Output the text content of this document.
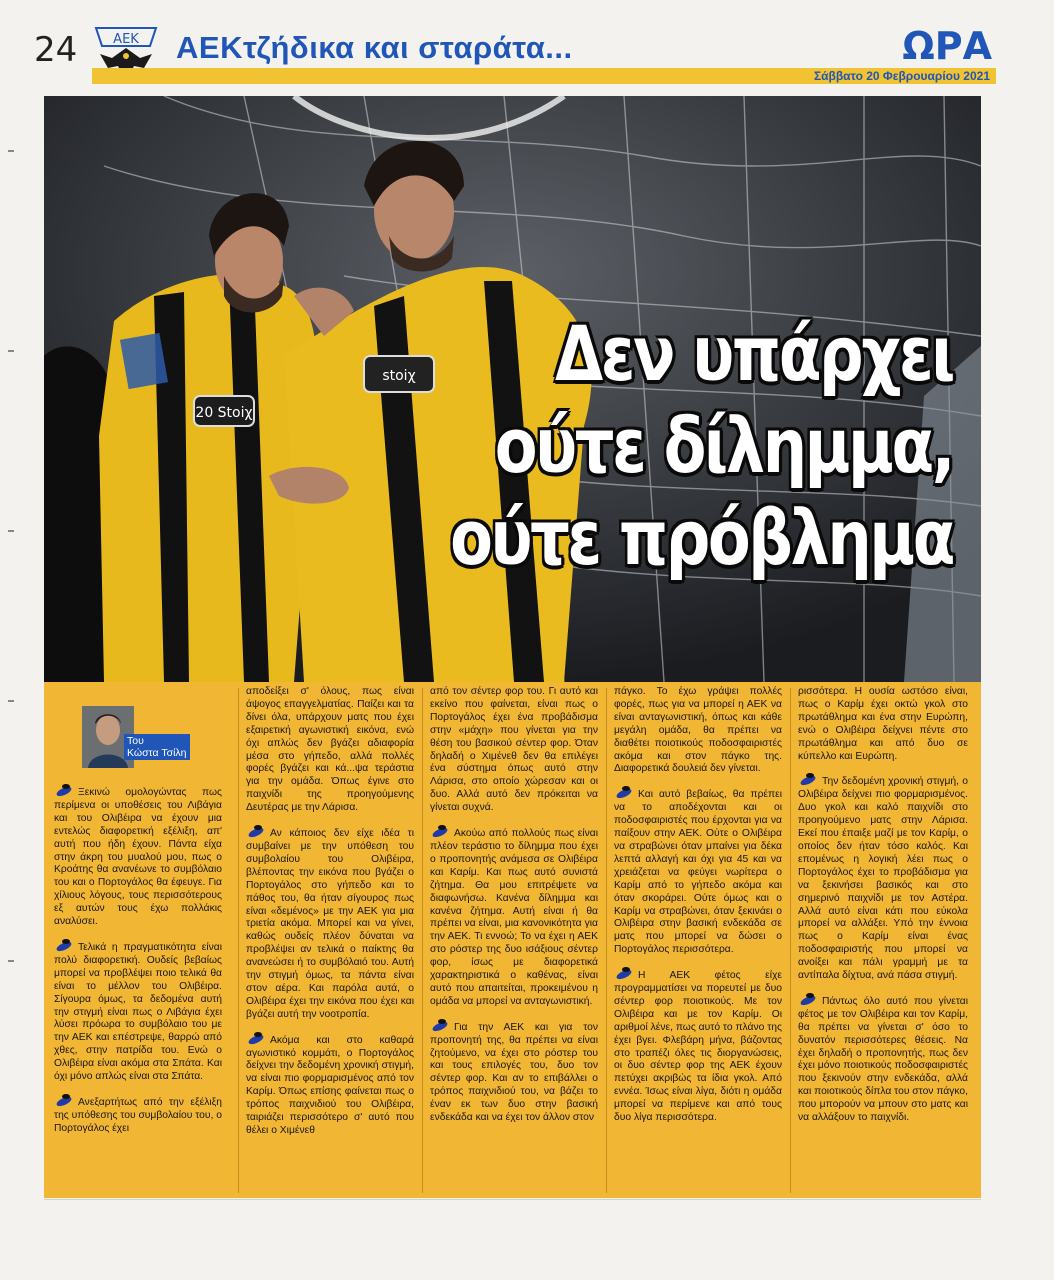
24	ΑΕΚ ΑΕΚτζήδικα και σταράτα...	ΩΡΑ
Σάββατο 20 Φεβρουαρίου 2021
20 Stoiχ
stoiχ	Δεν υπάρχει
ούτε δίλημμα,
ούτε πρόβλημα
Του
Κώστα Τσίλη

Ξεκινώ ομολογώντας πως περίμενα οι υποθέσεις του Λιβάγια και του Ολιβέιρα να έχουν μια εντελώς διαφορετική εξέλιξη, απ' αυτή που ήδη έχουν. Πάντα είχα στην άκρη του μυαλού μου, πως ο Κροάτης θα ανανέωνε το συμβόλαιο του και ο Πορτογάλος θα έφευγε. Για χίλιους λόγους, τους περισσότερους εξ αυτών τους έχω πολλάκις αναλύσει.

Τελικά η πραγματικότητα είναι πολύ διαφορετική. Ουδείς βεβαίως μπορεί να προβλέψει ποιο τελικά θα είναι το μέλλον του Ολιβέιρα. Σίγουρα όμως, τα δεδομένα αυτή την στιγμή είναι πως ο Λιβάγια έχει λύσει πρόωρα το συμβόλαιο του με την ΑΕΚ και επέστρεψε, θαρρώ από χθες, στην πατρίδα του. Ενώ ο Ολιβέιρα είναι ακόμα στα Σπάτα. Και όχι μόνο απλώς είναι στα Σπάτα.

Ανεξαρτήτως από την εξέλιξη της υπόθεσης του συμβολαίου του, ο Πορτογάλος έχει

αποδείξει σ' όλους, πως είναι άψογος επαγγελματίας. Παίζει και τα δίνει όλα, υπάρχουν ματς που έχει εξαιρετική αγωνιστική εικόνα, ενώ όχι απλώς δεν βγάζει αδιαφορία μέσα στο γήπεδο, αλλά πολλές φορές βγάζει και κά...ψα τεράστια για την ομάδα. Όπως έγινε στο παιχνίδι της προηγούμενης Δευτέρας με την Λάρισα.

Αν κάποιος δεν είχε ιδέα τι συμβαίνει με την υπόθεση του συμβολαίου του Ολιβέιρα, βλέποντας την εικόνα που βγάζει ο Πορτογάλος στο γήπεδο και το πάθος του, θα ήταν σίγουρος πως είναι «δεμένος» με την ΑΕΚ για μια τριετία ακόμα. Μπορεί και να γίνει, καθώς ουδείς πλέον δύναται να προβλέψει αν τελικά ο παίκτης θα ανανεώσει ή το συμβόλαιό του. Αυτή την στιγμή όμως, τα πάντα είναι στον αέρα. Και παρόλα αυτά, ο Ολιβέιρα έχει την εικόνα που έχει και βγάζει αυτή την νοοτροπία.

Ακόμα και στο καθαρά αγωνιστικό κομμάτι, ο Πορτογάλος δείχνει την δεδομένη χρονική στιγμή, να είναι πιο φορμαρισμένος από τον Καρίμ. Όπως επίσης φαίνεται πως ο τρόπος παιχνιδιού του Ολιβέιρα, ταιριάζει περισσότερο σ' αυτό που θέλει ο Χιμένεθ

από τον σέντερ φορ του. Γι αυτό και εκείνο που φαίνεται, είναι πως ο Πορτογάλος έχει ένα προβάδισμα στην «μάχη» που γίνεται για την θέση του βασικού σέντερ φορ. Όταν δηλαδή ο Χιμένεθ δεν θα επιλέγει ένα σύστημα όπως αυτό στην Λάρισα, στο οποίο χώρεσαν και οι δυο. Αλλά αυτό δεν πρόκειται να γίνεται συχνά.

Ακούω από πολλούς πως είναι πλέον τεράστιο το δίλημμα που έχει ο προπονητής ανάμεσα σε Ολιβέιρα και Καρίμ. Και πως αυτό συνιστά ζήτημα. Θα μου επιτρέψετε να διαφωνήσω. Κανένα δίλημμα και κανένα ζήτημα. Αυτή είναι ή θα πρέπει να είναι, μια κανονικότητα για την ΑΕΚ. Τι εννοώ; Το να έχει η ΑΕΚ στο ρόστερ της δυο ισάξιους σέντερ φορ, ίσως με διαφορετικά χαρακτηριστικά ο καθένας, είναι αυτό που απαιτείται, προκειμένου η ομάδα να μπορεί να ανταγωνιστική.

Για την ΑΕΚ και για τον προπονητή της, θα πρέπει να είναι ζητούμενο, να έχει στο ρόστερ του και τους επιλογές του, δυο τον σέντερ φορ. Και αν το επιβάλλει ο τρόπος παιχνιδιού του, να βάζει το έναν εκ των δυο στην βασική ενδεκάδα και να έχει τον άλλον στον

πάγκο. Το έχω γράψει πολλές φορές, πως για να μπορεί η ΑΕΚ να είναι ανταγωνιστική, όπως και κάθε μεγάλη ομάδα, θα πρέπει να διαθέτει ποιοτικούς ποδοσφαιριστές ακόμα και στον πάγκο της. Διαφορετικά δουλειά δεν γίνεται.

Και αυτό βεβαίως, θα πρέπει να το αποδέχονται και οι ποδοσφαιριστές που έρχονται για να παίξουν στην ΑΕΚ. Ούτε ο Ολιβέιρα να στραβώνει όταν μπαίνει για δέκα λεπτά αλλαγή και όχι για 45 και να χρειάζεται να φεύγει νωρίτερα ο Καρίμ από το γήπεδο ακόμα και όταν σκοράρει. Ούτε όμως και ο Καρίμ να στραβώνει, όταν ξεκινάει ο Ολιβέιρα στην βασική ενδεκάδα σε ματς που μπορεί να δώσει ο Πορτογάλος περισσότερα.

Η ΑΕΚ φέτος είχε προγραμματίσει να πορευτεί με δυο σέντερ φορ ποιοτικούς. Με τον Ολιβέιρα και με τον Καρίμ. Οι αριθμοί λένε, πως αυτό το πλάνο της έχει βγει. Φλεβάρη μήνα, βάζοντας στο τραπέζι όλες τις διοργανώσεις, οι δυο σέντερ φορ της ΑΕΚ έχουν πετύχει ακριβώς τα ίδια γκολ. Από εννέα. Ίσως είναι λίγα, διότι η ομάδα μπορεί να περίμενε και από τους δυο λίγα περισσότερα.

ρισσότερα. Η ουσία ωστόσο είναι, πως ο Καρίμ έχει οκτώ γκολ στο πρωτάθλημα και ένα στην Ευρώπη, ενώ ο Ολιβέιρα δείχνει πέντε στο πρωτάθλημα και από δυο σε κύπελλο και Ευρώπη.

Την δεδομένη χρονική στιγμή, ο Ολιβέιρα δείχνει πιο φορμαρισμένος. Δυο γκολ και καλό παιχνίδι στο προηγούμενο ματς στην Λάρισα. Εκεί που έπαιξε μαζί με τον Καρίμ, ο οποίος δεν ήταν τόσο καλός. Και επομένως η λογική λέει πως ο Πορτογάλος έχει το προβάδισμα για να ξεκινήσει βασικός και στο σημερινό παιχνίδι με τον Αστέρα. Αλλά αυτό είναι κάτι που εύκολα μπορεί να αλλάξει. Υπό την έννοια πως ο Καρίμ είναι ένας ποδοσφαιριστής που μπορεί να ανοίξει και πάλι γραμμή με τα αντίπαλα δίχτυα, ανά πάσα στιγμή.

Πάντως όλο αυτό που γίνεται φέτος με τον Ολιβέιρα και τον Καρίμ, θα πρέπει να γίνεται σ' όσο το δυνατόν περισσότερες θέσεις. Να έχει δηλαδή ο προπονητής, πως δεν έχει μόνο ποιοτικούς ποδοσφαιριστές που ξεκινούν στην ενδεκάδα, αλλά και ποιοτικούς δίπλα του στον πάγκο, που μπορούν να μπουν στο ματς και να αλλάξουν το παιχνίδι.
